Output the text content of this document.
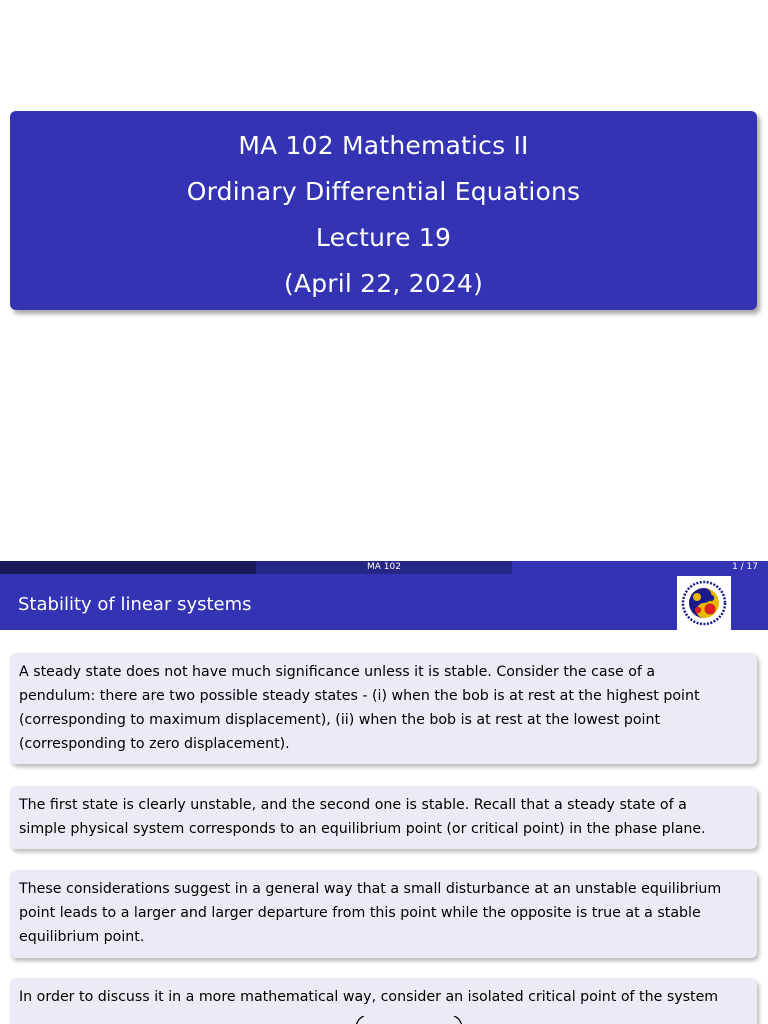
MA 102 Mathematics II
Ordinary Differential Equations
Lecture 19
(April 22, 2024)
MA 102	1 / 17
Stability of linear systems
A steady state does not have much significance unless it is stable. Consider the case of a
pendulum: there are two possible steady states - (i) when the bob is at rest at the highest point
(corresponding to maximum displacement), (ii) when the bob is at rest at the lowest point
(corresponding to zero displacement).
The first state is clearly unstable, and the second one is stable. Recall that a steady state of a
simple physical system corresponds to an equilibrium point (or critical point) in the phase plane.
These considerations suggest in a general way that a small disturbance at an unstable equilibrium
point leads to a larger and larger departure from this point while the opposite is true at a stable
equilibrium point.
In order to discuss it in a more mathematical way, consider an isolated critical point of the system
